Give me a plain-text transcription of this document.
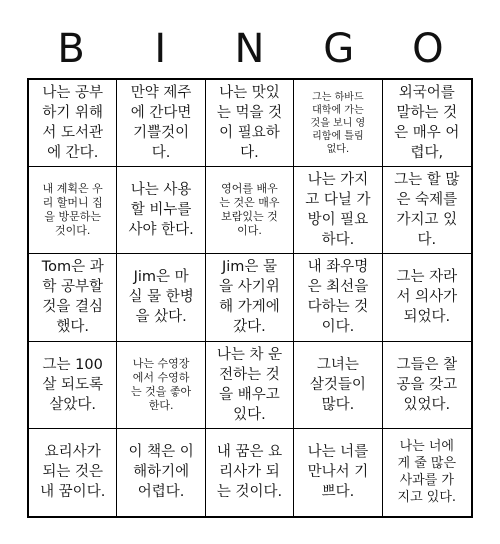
B	I	N	G	O
나는 공부
하기 위해
서 도서관
에 간다.
만약 제주
에 간다면
기쁠것이
다.
나는 맛있
는 먹을 것
이 필요하
다.
그는 하바드
대학에 가는
것을 보니 영
리함에 틀림
없다.
외국어를
말하는 것
은 매우 어
렵다,
내 계획은 우
리 할머니 집
을 방문하는
것이다.
나는 사용
할 비누를
사야 한다.
영어를 배우
는 것은 매우
보람있는 것
이다.
나는 가지
고 다닐 가
방이 필요
하다.
그는 할 많
은 숙제를
가지고 있
다.
Tom은 과
학 공부할
것을 결심
했다.
Jim은 마
실 물 한병
을 샀다.
Jim은 물
을 사기위
해 가게에
갔다.
내 좌우명
은 최선을
다하는 것
이다.
그는 자라
서 의사가
되었다.
그는 100
살 되도록
살았다.
나는 수영장
에서 수영하
는 것을 좋아
한다.
나는 차 운
전하는 것
을 배우고
있다.
그녀는
살것들이
많다.
그들은 찰
공을 갖고
있었다.
요리사가
되는 것은
내 꿈이다.
이 책은 이
해하기에
어렵다.
내 꿈은 요
리사가 되
는 것이다.
나는 너를
만나서 기
쁘다.
나는 너에
게 줄 많은
사과를 가
지고 있다.
